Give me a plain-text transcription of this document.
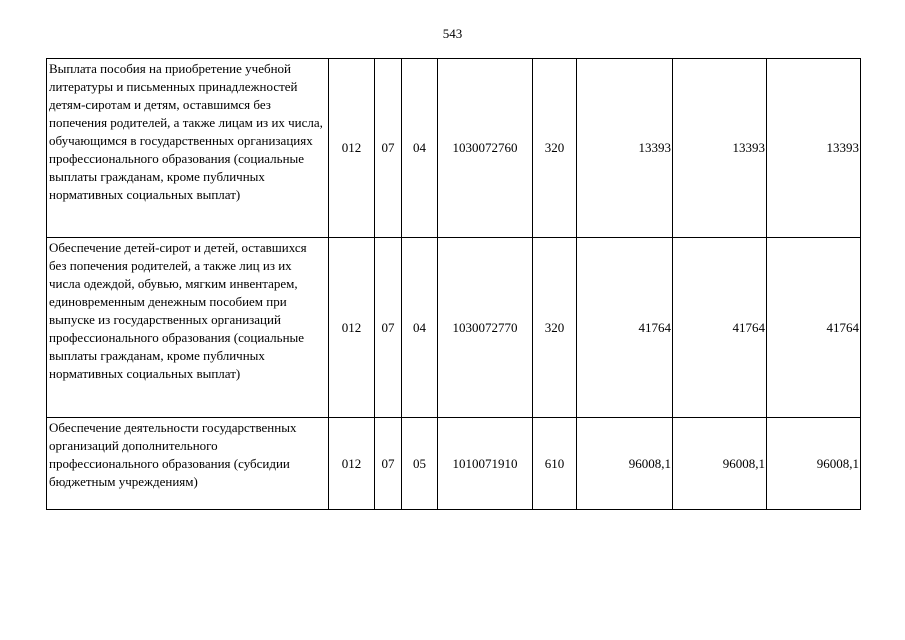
543
Выплата пособия на приобретение учебной литературы и письменных принадлежностей детям-сиротам и детям, оставшимся без попечения родителей, а также лицам из их числа, обучающимся в государственных организациях профессионального образования (социальные выплаты гражданам, кроме публичных нормативных социальных выплат)	012	07	04	1030072760	320	13393	13393	13393
Обеспечение детей-сирот и детей, оставшихся без попечения родителей, а также лиц из их числа одеждой, обувью, мягким инвентарем, единовременным денежным пособием при выпуске из государственных организаций профессионального образования (социальные выплаты гражданам, кроме публичных нормативных социальных выплат)	012	07	04	1030072770	320	41764	41764	41764
Обеспечение деятельности государственных организаций дополнительного профессионального образования (субсидии бюджетным учреждениям)	012	07	05	1010071910	610	96008,1	96008,1	96008,1
